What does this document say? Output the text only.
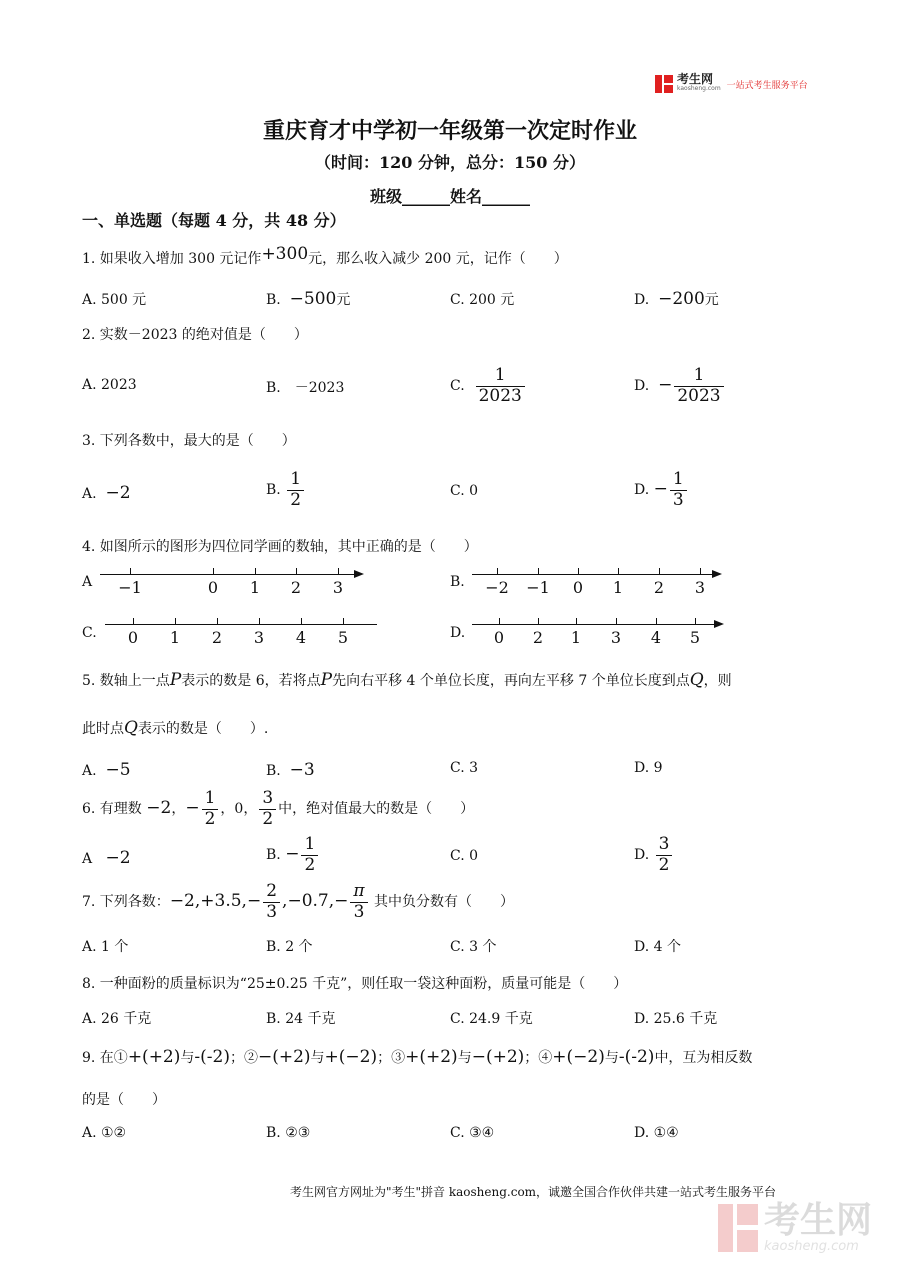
考生网
kaosheng.com 一站式考生服务平台
重庆育才中学初一年级第一次定时作业
（时间：120 分钟，总分：150 分）
班级______姓名______
一、单选题（每题 4 分，共 48 分）
1. 如果收入增加 300 元记作+300元，那么收入减少 200 元，记作（　　）
A. 500 元	B. −500元	C. 200 元	D. −200元
2. 实数－2023 的绝对值是（　　）
A. 2023	B.　－2023	C. $\frac{1}{2023}$	D. − $\frac{1}{2023}$
3. 下列各数中，最大的是（　　）
A. −2	B. $\frac{1}{2}$	C. 0	D. − $\frac{1}{3}$
4. 如图所示的图形为四位同学画的数轴，其中正确的是（　　）
A −1	0	1	2	3	B. −2 −1	0	1	2	3
C.	0	1	2	3	4	5	D.	0	2	1	3	4	5
5. 数轴上一点P表示的数是 6，若将点P先向右平移 4 个单位长度，再向左平移 7 个单位长度到点Q，则
此时点Q表示的数是（　　）.
A. −5	B. −3	C. 3	D. 9
6. 有理数 −2，− $\frac{1}{2}$ ，0， $\frac{3}{2}$ 中，绝对值最大的数是（　　）
A −2	B. − $\frac{1}{2}$	C. 0	D. $\frac{3}{2}$
7. 下列各数：$-2,+3.5,- \frac{2}{3} ,-0.7,- \frac{\pi}{3}$ 其中负分数有（　　）
A. 1 个	B. 2 个	C. 3 个	D. 4 个
8. 一种面粉的质量标识为“25±0.25 千克”，则任取一袋这种面粉，质量可能是（　　）
A. 26 千克	B. 24 千克	C. 24.9 千克	D. 25.6 千克
9. 在①+(+2)与-(-2)；②−(+2)与+(−2)；③+(+2)与−(+2)；④+(−2)与-(-2)中，互为相反数
的是（　　）
A. ①②	B. ②③	C. ③④	D. ①④
考生网官方网址为"考生"拼音 kaosheng.com，诚邀全国合作伙伴共建一站式考生服务平台
考生网
kaosheng.com
